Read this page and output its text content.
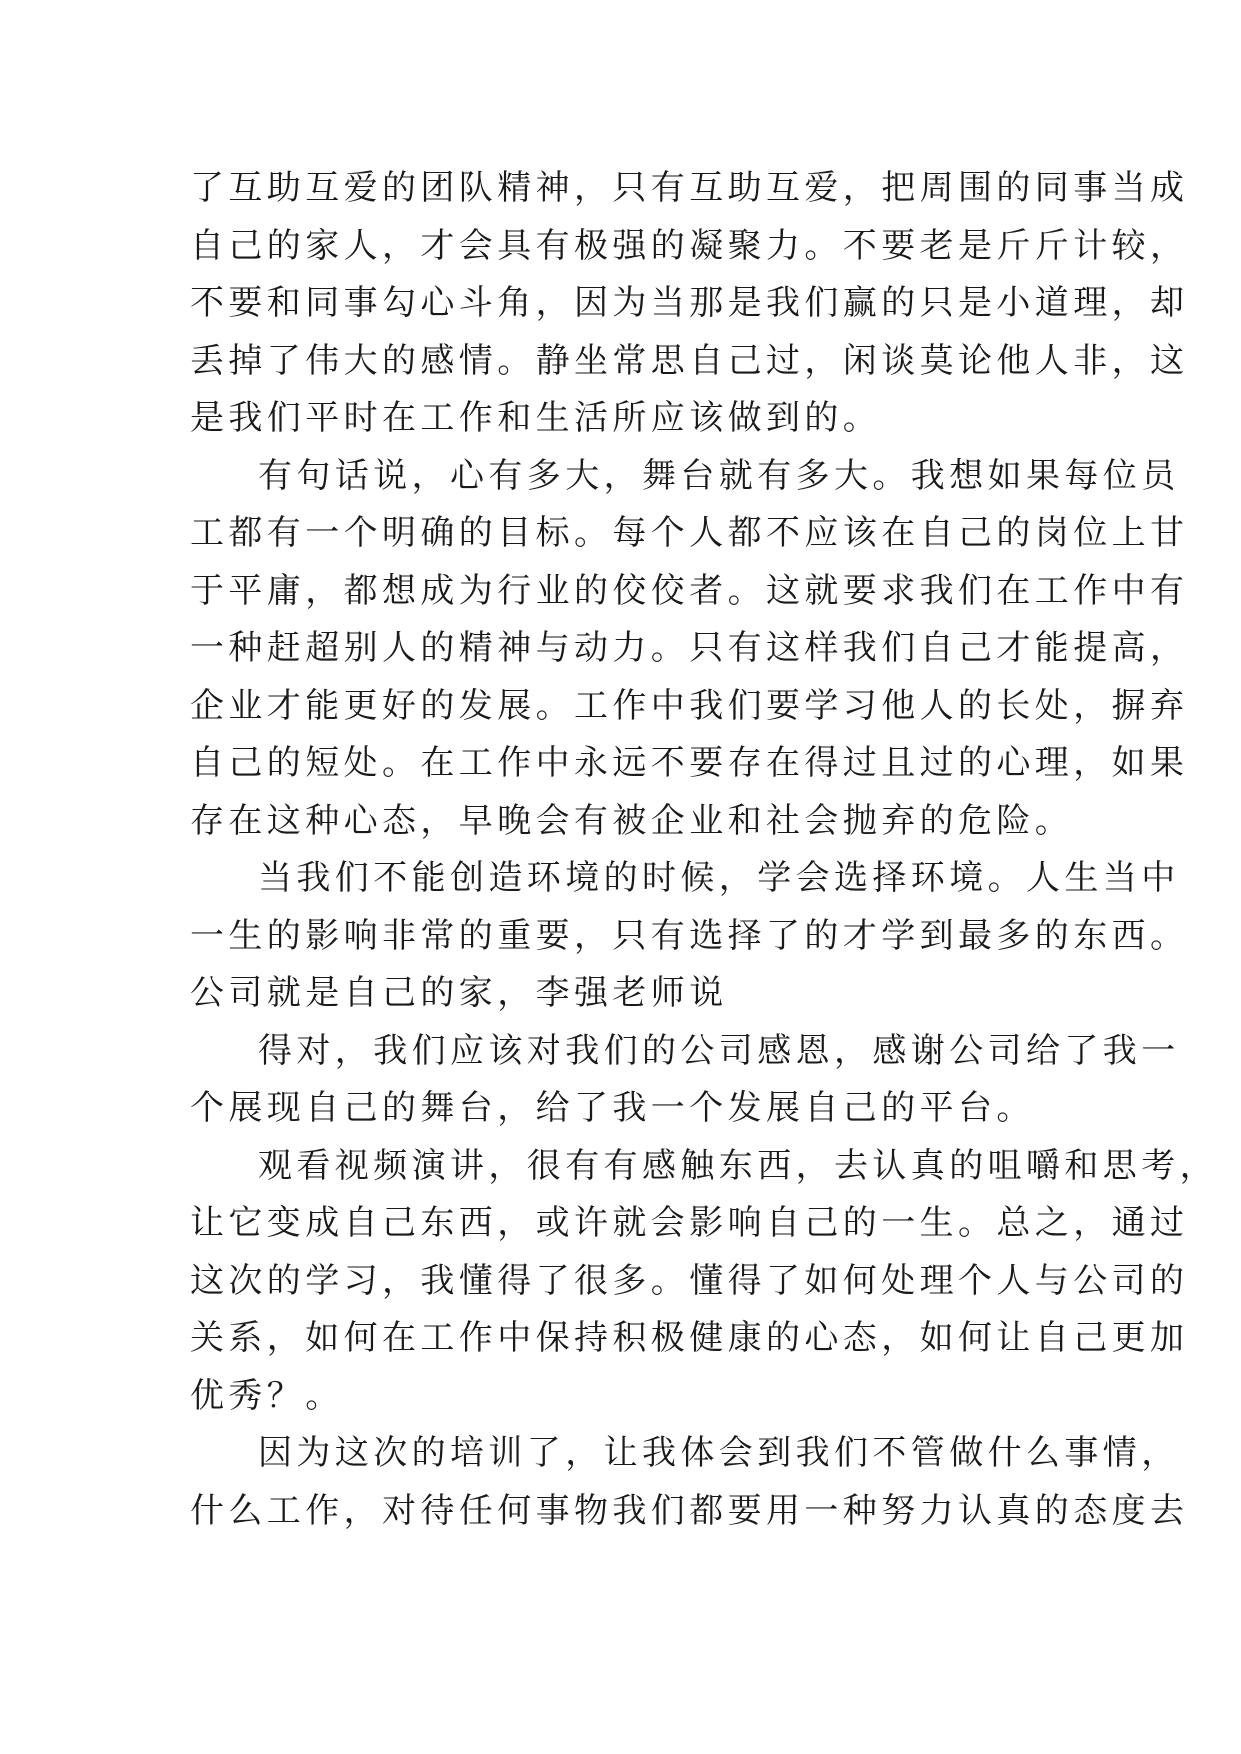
了互助互爱的团队精神，只有互助互爱，把周围的同事当成
自己的家人，才会具有极强的凝聚力。不要老是斤斤计较，
不要和同事勾心斗角，因为当那是我们赢的只是小道理，却
丢掉了伟大的感情。静坐常思自己过，闲谈莫论他人非，这
是我们平时在工作和生活所应该做到的。
有句话说，心有多大，舞台就有多大。我想如果每位员
工都有一个明确的目标。每个人都不应该在自己的岗位上甘
于平庸，都想成为行业的佼佼者。这就要求我们在工作中有
一种赶超别人的精神与动力。只有这样我们自己才能提高，
企业才能更好的发展。工作中我们要学习他人的长处，摒弃
自己的短处。在工作中永远不要存在得过且过的心理，如果
存在这种心态，早晚会有被企业和社会抛弃的危险。
当我们不能创造环境的时候，学会选择环境。人生当中
一生的影响非常的重要，只有选择了的才学到最多的东西。
公司就是自己的家，李强老师说
得对，我们应该对我们的公司感恩，感谢公司给了我一
个展现自己的舞台，给了我一个发展自己的平台。
观看视频演讲，很有有感触东西，去认真的咀嚼和思考，
让它变成自己东西，或许就会影响自己的一生。总之，通过
这次的学习，我懂得了很多。懂得了如何处理个人与公司的
关系，如何在工作中保持积极健康的心态，如何让自己更加
优秀？。
因为这次的培训了，让我体会到我们不管做什么事情，
什么工作，对待任何事物我们都要用一种努力认真的态度去
